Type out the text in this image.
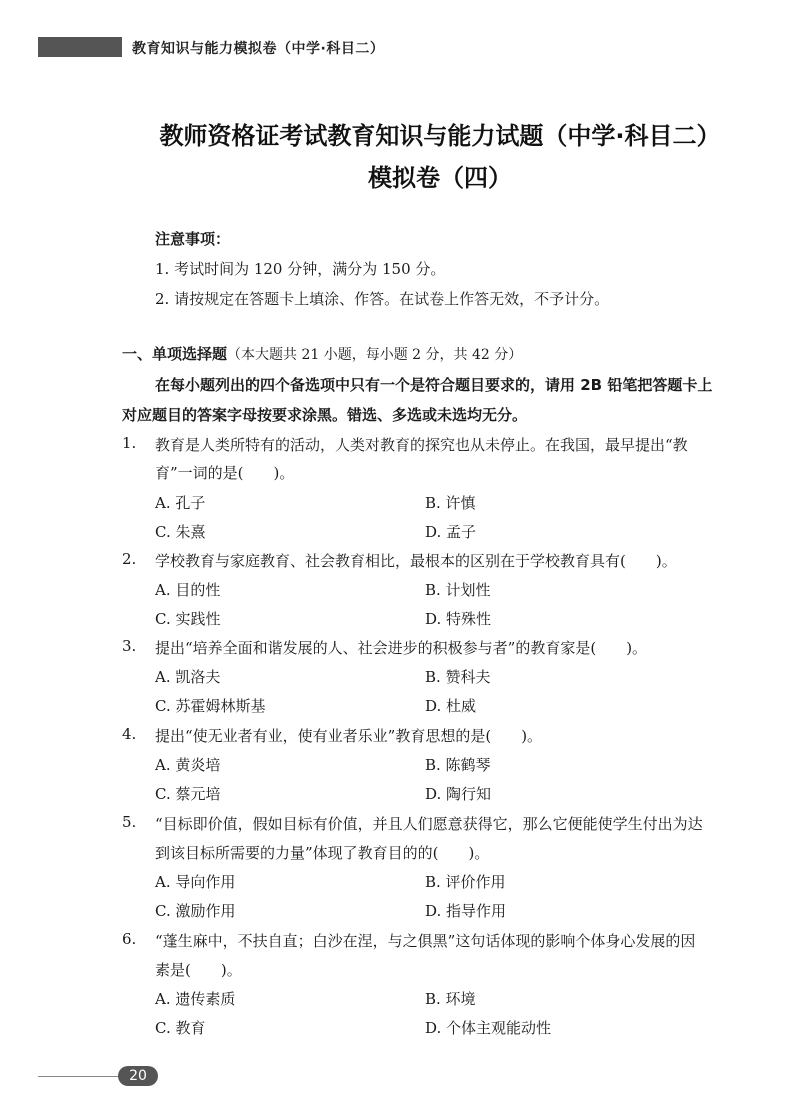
教育知识与能力模拟卷（中学·科目二）
教师资格证考试教育知识与能力试题（中学·科目二）
模拟卷（四）
注意事项：
1. 考试时间为 120 分钟，满分为 150 分。
2. 请按规定在答题卡上填涂、作答。在试卷上作答无效，不予计分。
一、单项选择题（本大题共 21 小题，每小题 2 分，共 42 分）
在每小题列出的四个备选项中只有一个是符合题目要求的，请用 2B 铅笔把答题卡上
对应题目的答案字母按要求涂黑。错选、多选或未选均无分。
1. 教育是人类所特有的活动，人类对教育的探究也从未停止。在我国，最早提出“教
育”一词的是(　　)。
A. 孔子	B. 许慎
C. 朱熹	D. 孟子
2. 学校教育与家庭教育、社会教育相比，最根本的区别在于学校教育具有(　　)。
A. 目的性	B. 计划性
C. 实践性	D. 特殊性
3. 提出“培养全面和谐发展的人、社会进步的积极参与者”的教育家是(　　)。
A. 凯洛夫	B. 赞科夫
C. 苏霍姆林斯基	D. 杜威
4. 提出“使无业者有业，使有业者乐业”教育思想的是(　　)。
A. 黄炎培	B. 陈鹤琴
C. 蔡元培	D. 陶行知
5. “目标即价值，假如目标有价值，并且人们愿意获得它，那么它便能使学生付出为达
到该目标所需要的力量”体现了教育目的的(　　)。
A. 导向作用	B. 评价作用
C. 激励作用	D. 指导作用
6. “蓬生麻中，不扶自直；白沙在涅，与之俱黑”这句话体现的影响个体身心发展的因
素是(　　)。
A. 遗传素质	B. 环境
C. 教育	D. 个体主观能动性
20
